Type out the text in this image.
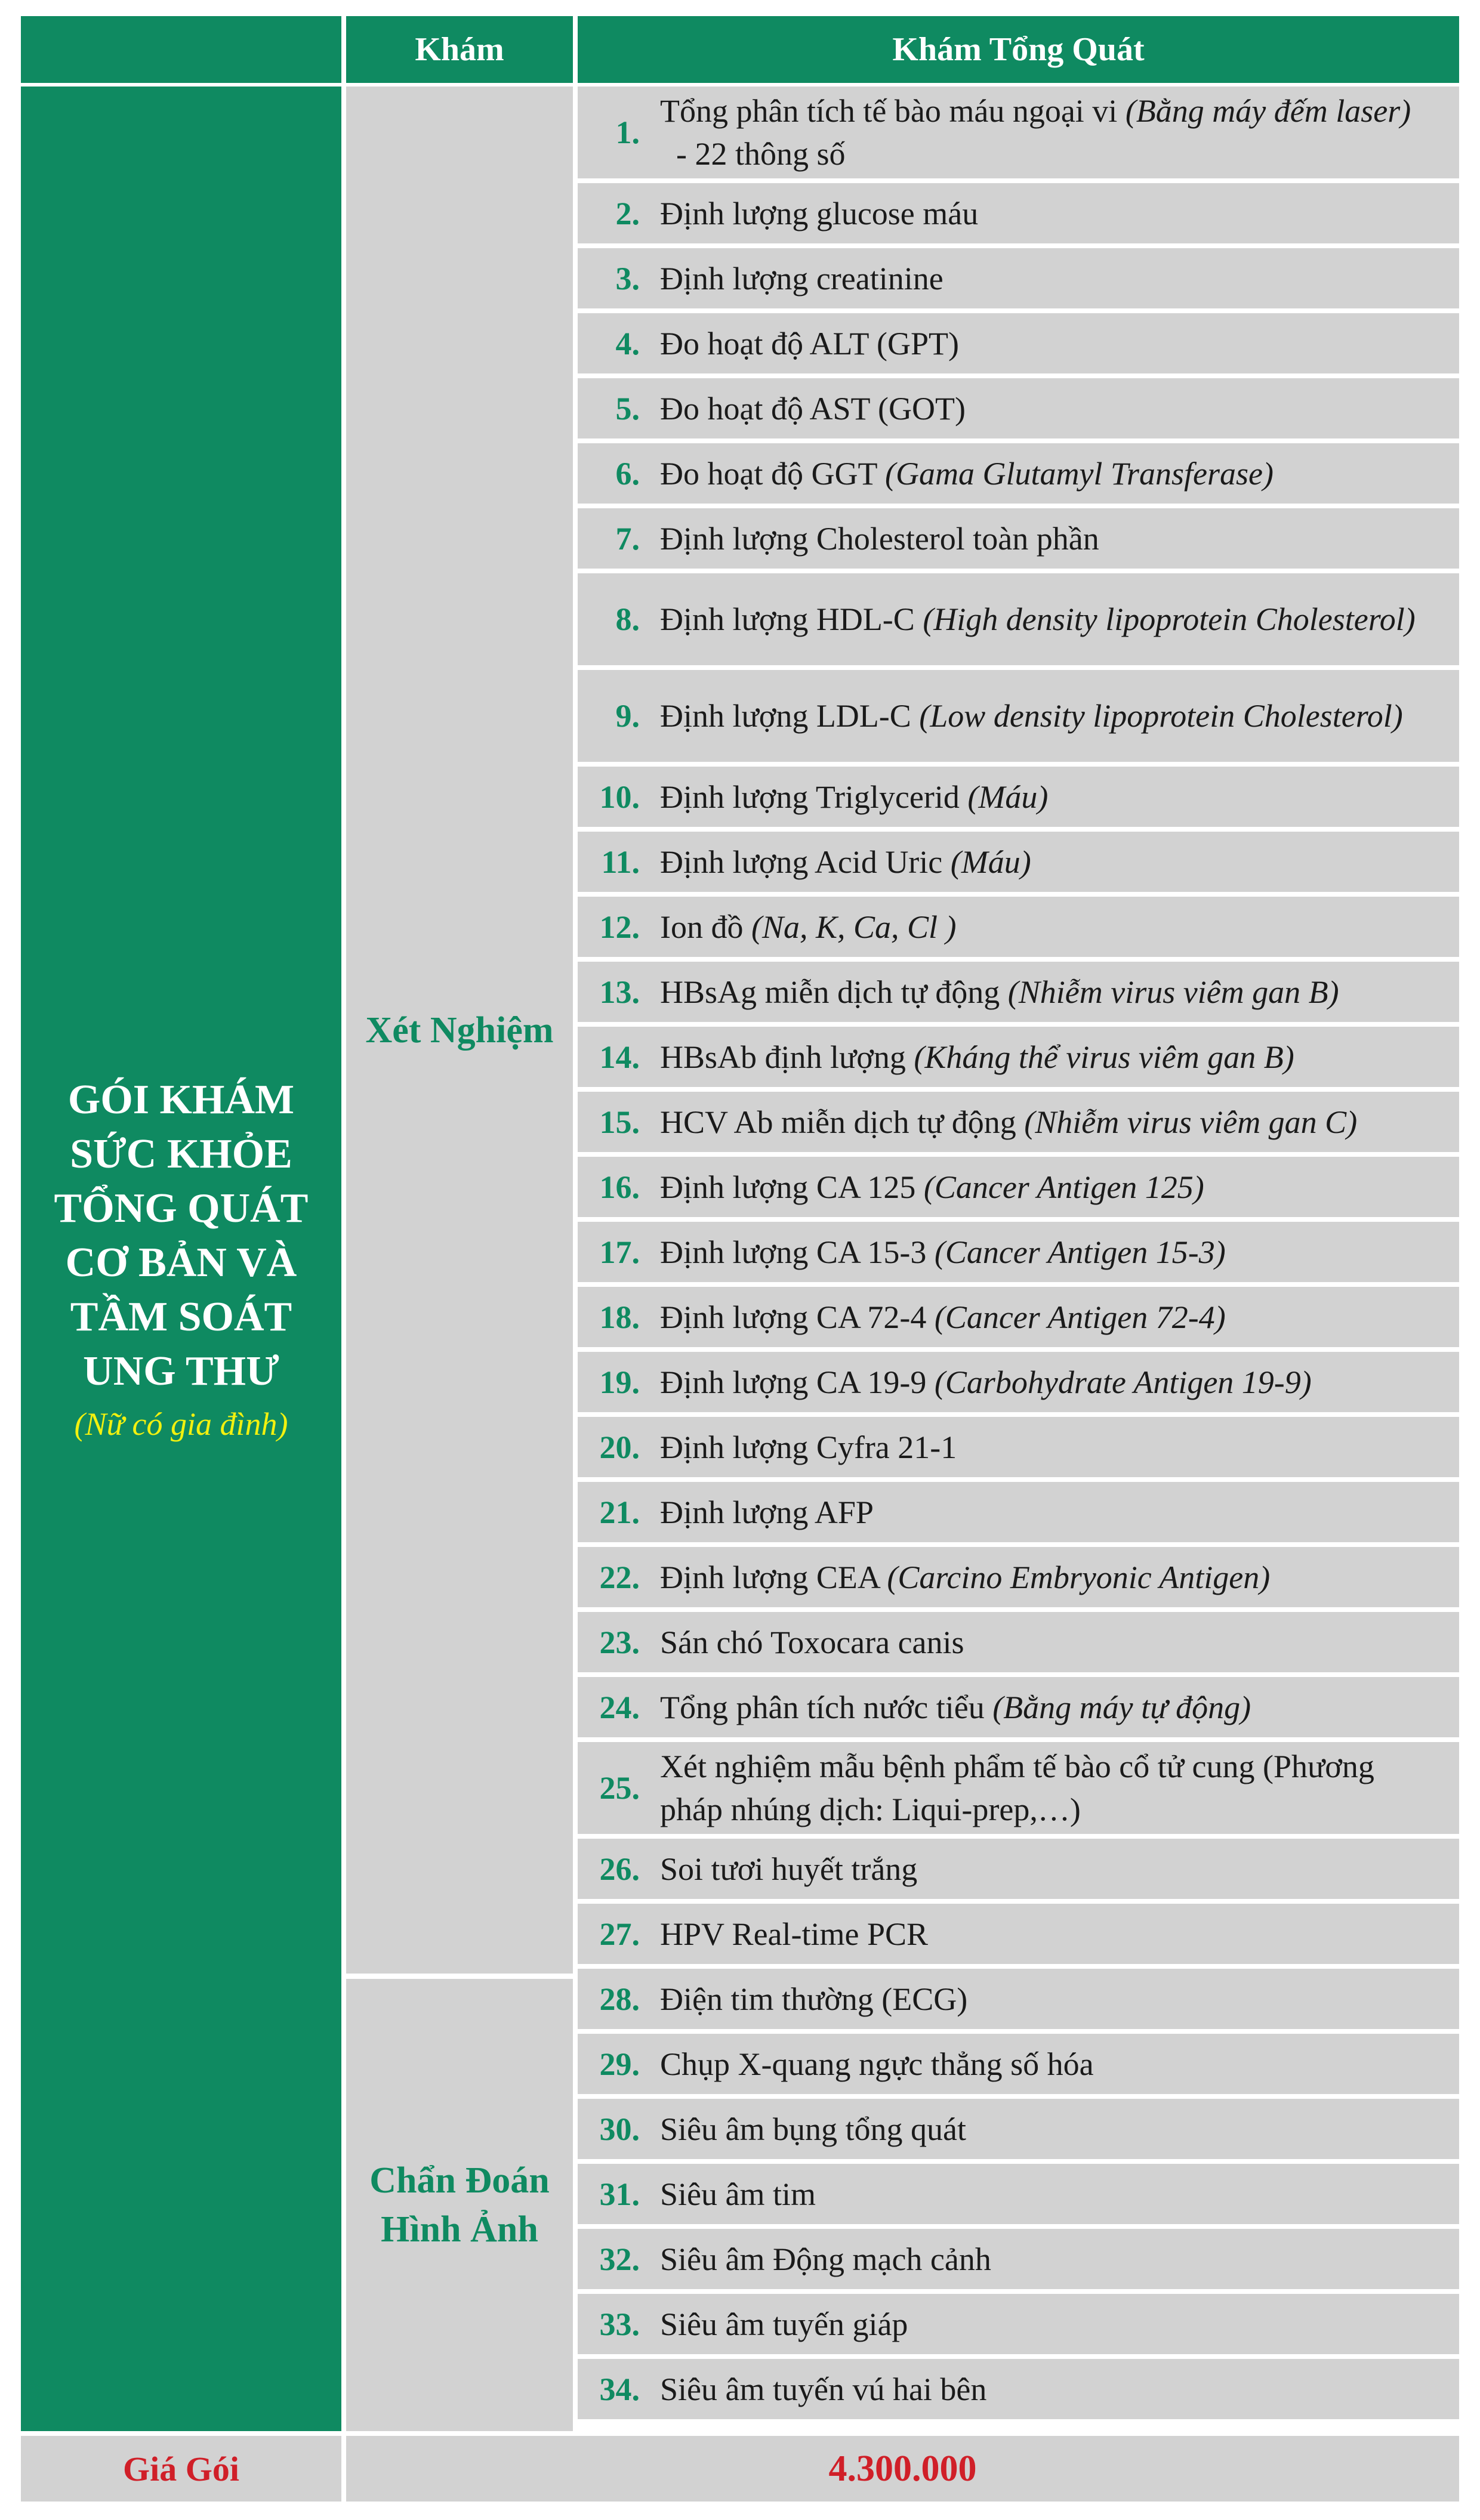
Khám	Khám Tổng Quát
GÓI KHÁM
SỨC KHỎE
TỔNG QUÁT
CƠ BẢN VÀ
TẦM SOÁT
UNG THƯ
(Nữ có gia đình)
Xét Nghiệm
Chẩn Đoán
Hình Ảnh
1.
Tổng phân tích tế bào máu ngoại vi (Bằng máy đếm laser)  - 22 thông số
2. Định lượng glucose máu
3. Định lượng creatinine
4. Đo hoạt độ ALT (GPT)
5. Đo hoạt độ AST (GOT)
6. Đo hoạt độ GGT (Gama Glutamyl Transferase)
7. Định lượng Cholesterol toàn phần
8. Định lượng HDL-C (High density lipoprotein Cholesterol)
9. Định lượng LDL-C (Low density lipoprotein Cholesterol)
10. Định lượng Triglycerid (Máu)
11. Định lượng Acid Uric (Máu)
12. Ion đồ (Na, K, Ca, Cl )
13. HBsAg miễn dịch tự động (Nhiễm virus viêm gan B)
14. HBsAb định lượng (Kháng thể virus viêm gan B)
15. HCV Ab miễn dịch tự động (Nhiễm virus viêm gan C)
16. Định lượng CA 125 (Cancer Antigen 125)
17. Định lượng CA 15-3 (Cancer Antigen 15-3)
18. Định lượng CA 72-4 (Cancer Antigen 72-4)
19. Định lượng CA 19-9 (Carbohydrate Antigen 19-9)
20. Định lượng Cyfra 21-1
21. Định lượng AFP
22. Định lượng CEA (Carcino Embryonic Antigen)
23. Sán chó Toxocara canis
24. Tổng phân tích nước tiểu (Bằng máy tự động)
25.
Xét nghiệm mẫu bệnh phẩm tế bào cổ tử cung (Phương pháp nhúng dịch: Liqui-prep,…)
26. Soi tươi huyết trắng
27. HPV Real-time PCR
28. Điện tim thường (ECG)
29. Chụp X-quang ngực thẳng số hóa
30. Siêu âm bụng tổng quát
31. Siêu âm tim
32. Siêu âm Động mạch cảnh
33. Siêu âm tuyến giáp
34. Siêu âm tuyến vú hai bên
Giá Gói	4.300.000
